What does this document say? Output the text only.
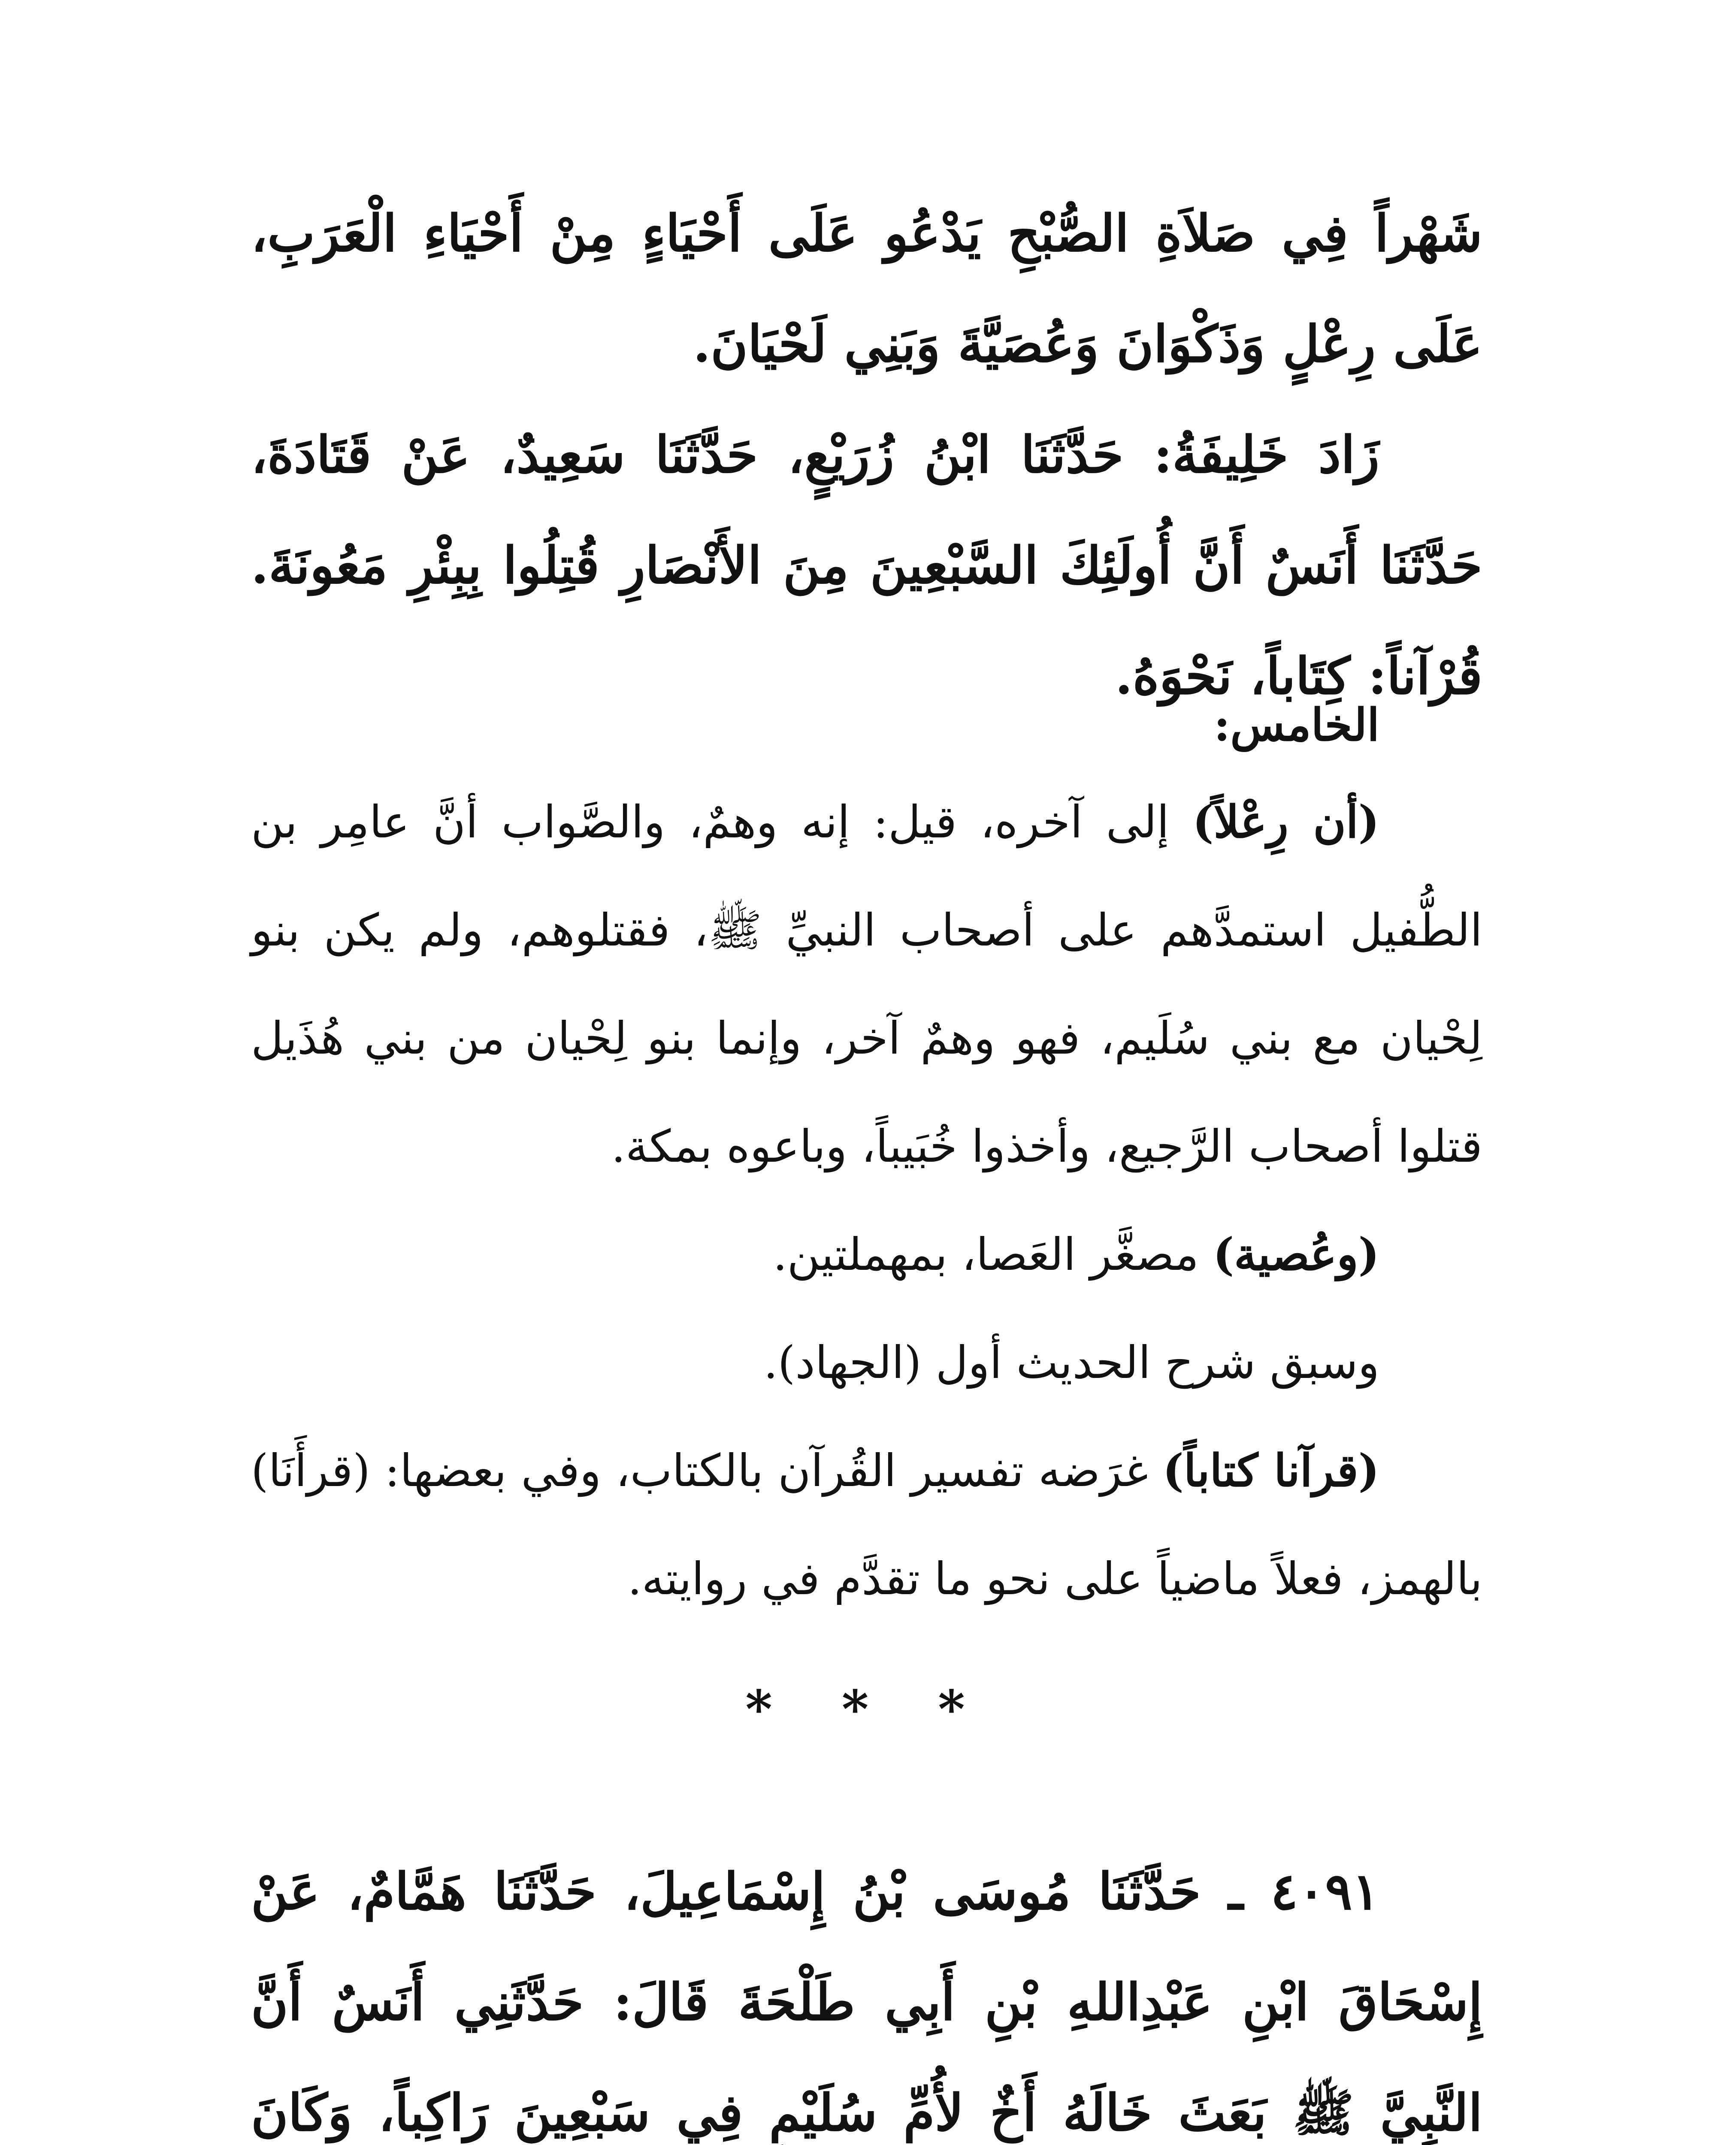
شَهْراً فِي صَلاَةِ الصُّبْحِ يَدْعُو عَلَى أَحْيَاءٍ مِنْ أَحْيَاءِ الْعَرَبِ، عَلَى رِعْلٍ وَذَكْوَانَ وَعُصَيَّةَ وَبَنِي لَحْيَانَ.

زَادَ خَلِيفَةُ: حَدَّثَنَا ابْنُ زُرَيْعٍ، حَدَّثَنَا سَعِيدٌ، عَنْ قَتَادَةَ، حَدَّثَنَا أَنَسٌ أَنَّ أُولَئِكَ السَّبْعِينَ مِنَ الأَنْصَارِ قُتِلُوا بِبِئْرِ مَعُونَةَ. قُرْآناً: كِتَاباً، نَحْوَهُ.

الخامس:

(أن رِعْلاً) إلى آخره، قيل: إنه وهمٌ، والصَّواب أنَّ عامِر بن الطُّفيل استمدَّهم على أصحاب النبيِّ ﷺ، فقتلوهم، ولم يكن بنو لِحْيان مع بني سُلَيم، فهو وهمٌ آخر، وإنما بنو لِحْيان من بني هُذَيل قتلوا أصحاب الرَّجيع، وأخذوا خُبَيباً، وباعوه بمكة.

(وعُصية) مصغَّر العَصا، بمهملتين.

وسبق شرح الحديث أول (الجهاد).

(قرآنا كتاباً) غرَضه تفسير القُرآن بالكتاب، وفي بعضها: (قرأَنَا) بالهمز، فعلاً ماضياً على نحو ما تقدَّم في روايته.

* * *

٤٠٩١ ـ حَدَّثَنَا مُوسَى بْنُ إِسْمَاعِيلَ، حَدَّثَنَا هَمَّامٌ، عَنْ إِسْحَاقَ ابْنِ عَبْدِاللهِ بْنِ أَبِي طَلْحَةَ قَالَ: حَدَّثَنِي أَنَسٌ أَنَّ النَّبِيَّ ﷺ بَعَثَ خَالَهُ أَخٌ لأُمِّ سُلَيْمٍ فِي سَبْعِينَ رَاكِباً، وَكَانَ
